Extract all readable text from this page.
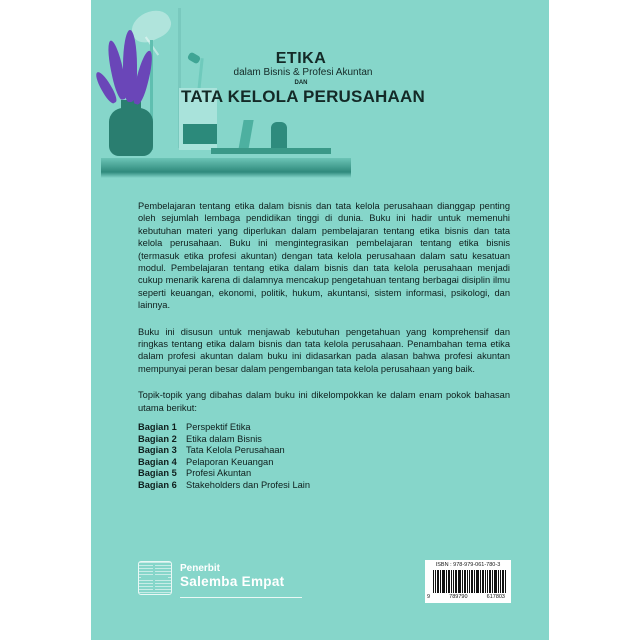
ETIKA
dalam Bisnis & Profesi Akuntan
DAN
TATA KELOLA PERUSAHAAN

Pembelajaran tentang etika dalam bisnis dan tata kelola perusahaan dianggap penting oleh sejumlah lembaga pendidikan tinggi di dunia. Buku ini hadir untuk memenuhi kebutuhan materi yang diperlukan dalam pembelajaran tentang etika bisnis dan tata kelola perusahaan. Buku ini mengintegrasikan pembelajaran tentang etika bisnis (termasuk etika profesi akuntan) dengan tata kelola perusahaan dalam satu kesatuan modul. Pembelajaran tentang etika dalam bisnis dan tata kelola perusahaan menjadi cukup menarik karena di dalamnya mencakup pengetahuan tentang berbagai disiplin ilmu seperti keuangan, ekonomi, politik, hukum, akuntansi, sistem informasi, psikologi, dan lainnya.

Buku ini disusun untuk menjawab kebutuhan pengetahuan yang komprehensif dan ringkas tentang etika dalam bisnis dan tata kelola perusahaan. Penambahan tema etika dalam profesi akuntan dalam buku ini didasarkan pada alasan bahwa profesi akuntan mempunyai peran besar dalam pengembangan tata kelola perusahaan yang baik.

Topik-topik yang dibahas dalam buku ini dikelompokkan ke dalam enam pokok bahasan utama berikut:

Bagian 1 Perspektif Etika
Bagian 2 Etika dalam Bisnis
Bagian 3 Tata Kelola Perusahaan
Bagian 4 Pelaporan Keuangan
Bagian 5 Profesi Akuntan
Bagian 6 Stakeholders dan Profesi Lain
Penerbit
Salemba Empat
ISBN : 978-979-061-780-3
9	789790	617803
